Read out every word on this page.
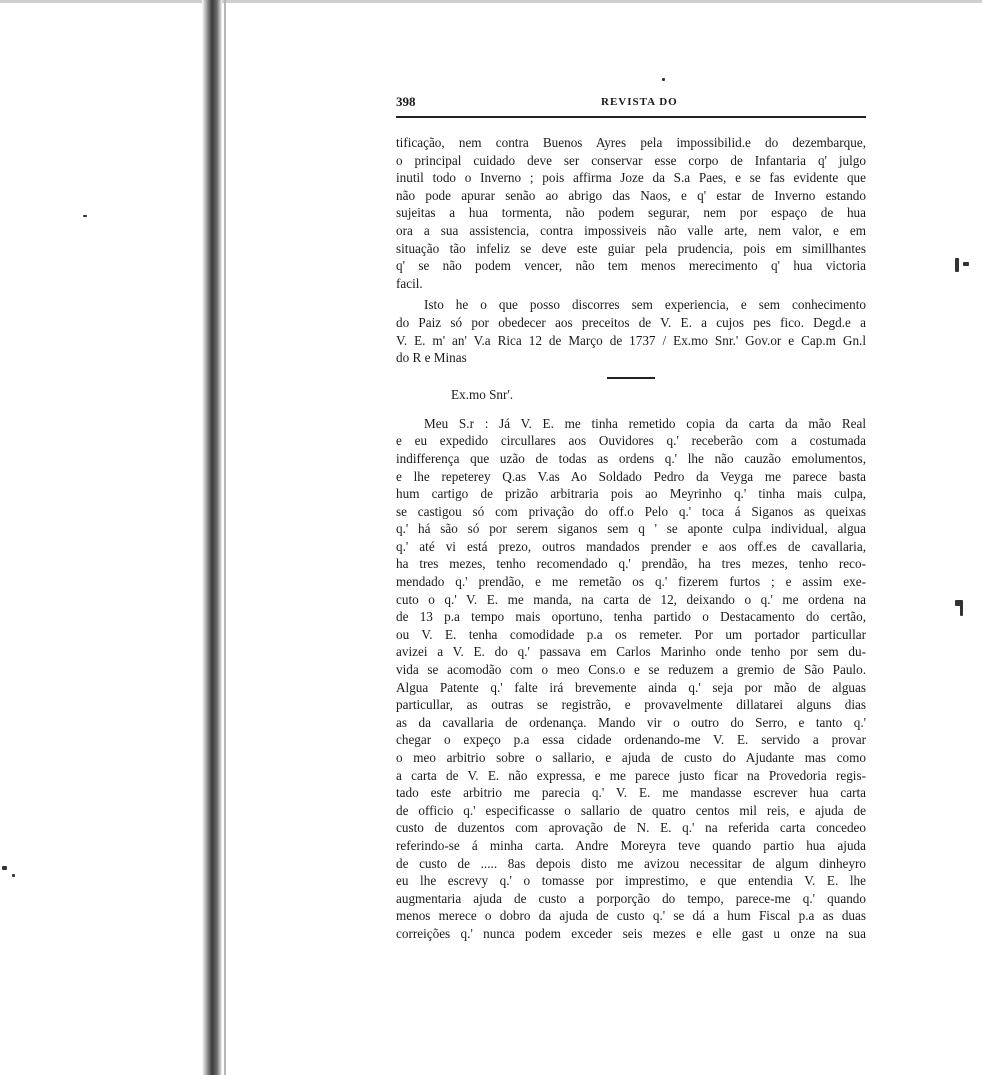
398	REVISTA DO
tificação, nem contra Buenos Ayres pela impossibilid.e do dezembarque,
o principal cuidado deve ser conservar esse corpo de Infantaria q' julgo
inutil todo o Inverno ; pois affirma Joze da S.a Paes, e se fas evidente que
não pode apurar senão ao abrigo das Naos, e q' estar de Inverno estando
sujeitas a hua tormenta, não podem segurar, nem por espaço de hua
ora a sua assistencia, contra impossiveis não valle arte, nem valor, e em
situação tão infeliz se deve este guiar pela prudencia, pois em simillhantes
q' se não podem vencer, não tem menos merecimento q' hua victoria
facil.
Isto he o que posso discorres sem experiencia, e sem conhecimento
do Paiz só por obedecer aos preceitos de V. E. a cujos pes fico. Degd.e a
V. E. m' an' V.a Rica 12 de Março de 1737 / Ex.mo Snr.' Gov.or e Cap.m Gn.l
do R e Minas
Ex.mo Snr'.
Meu S.r : Já V. E. me tinha remetido copia da carta da mão Real
e eu expedido circullares aos Ouvidores q.' receberão com a costumada
indifferença que uzão de todas as ordens q.' lhe não cauzão emolumentos,
e lhe repeterey Q.as V.as Ao Soldado Pedro da Veyga me parece basta
hum cartigo de prizão arbitraria pois ao Meyrinho q.' tinha mais culpa,
se castigou só com privação do off.o Pelo q.' toca á Siganos as queixas
q.' há são só por serem siganos sem q ' se aponte culpa individual, algua
q.' até vi está prezo, outros mandados prender e aos off.es de cavallaria,
ha tres mezes, tenho recomendado q.' prendão, ha tres mezes, tenho reco-
mendado q.' prendão, e me remetão os q.' fizerem furtos ; e assim exe-
cuto o q.' V. E. me manda, na carta de 12, deixando o q.' me ordena na
de 13 p.a tempo mais oportuno, tenha partido o Destacamento do certão,
ou V. E. tenha comodidade p.a os remeter. Por um portador particullar
avizei a V. E. do q.' passava em Carlos Marinho onde tenho por sem du-
vida se acomodão com o meo Cons.o e se reduzem a gremio de São Paulo.
Algua Patente q.' falte irá brevemente ainda q.' seja por mão de alguas
particullar, as outras se registrão, e provavelmente dillatarei alguns dias
as da cavallaria de ordenança. Mando vir o outro do Serro, e tanto q.'
chegar o expeço p.a essa cidade ordenando-me V. E. servido a provar
o meo arbitrio sobre o sallario, e ajuda de custo do Ajudante mas como
a carta de V. E. não expressa, e me parece justo ficar na Provedoria regis-
tado este arbitrio me parecia q.' V. E. me mandasse escrever hua carta
de officio q.' especificasse o sallario de quatro centos mil reis, e ajuda de
custo de duzentos com aprovação de N. E. q.' na referida carta concedeo
referindo-se á minha carta. Andre Moreyra teve quando partio hua ajuda
de custo de ..... 8as depois disto me avizou necessitar de algum dinheyro
eu lhe escrevy q.' o tomasse por imprestimo, e que entendia V. E. lhe
augmentaria ajuda de custo a porporção do tempo, parece-me q.' quando
menos merece o dobro da ajuda de custo q.' se dá a hum Fiscal p.a as duas
correições q.' nunca podem exceder seis mezes e elle gast u onze na sua
